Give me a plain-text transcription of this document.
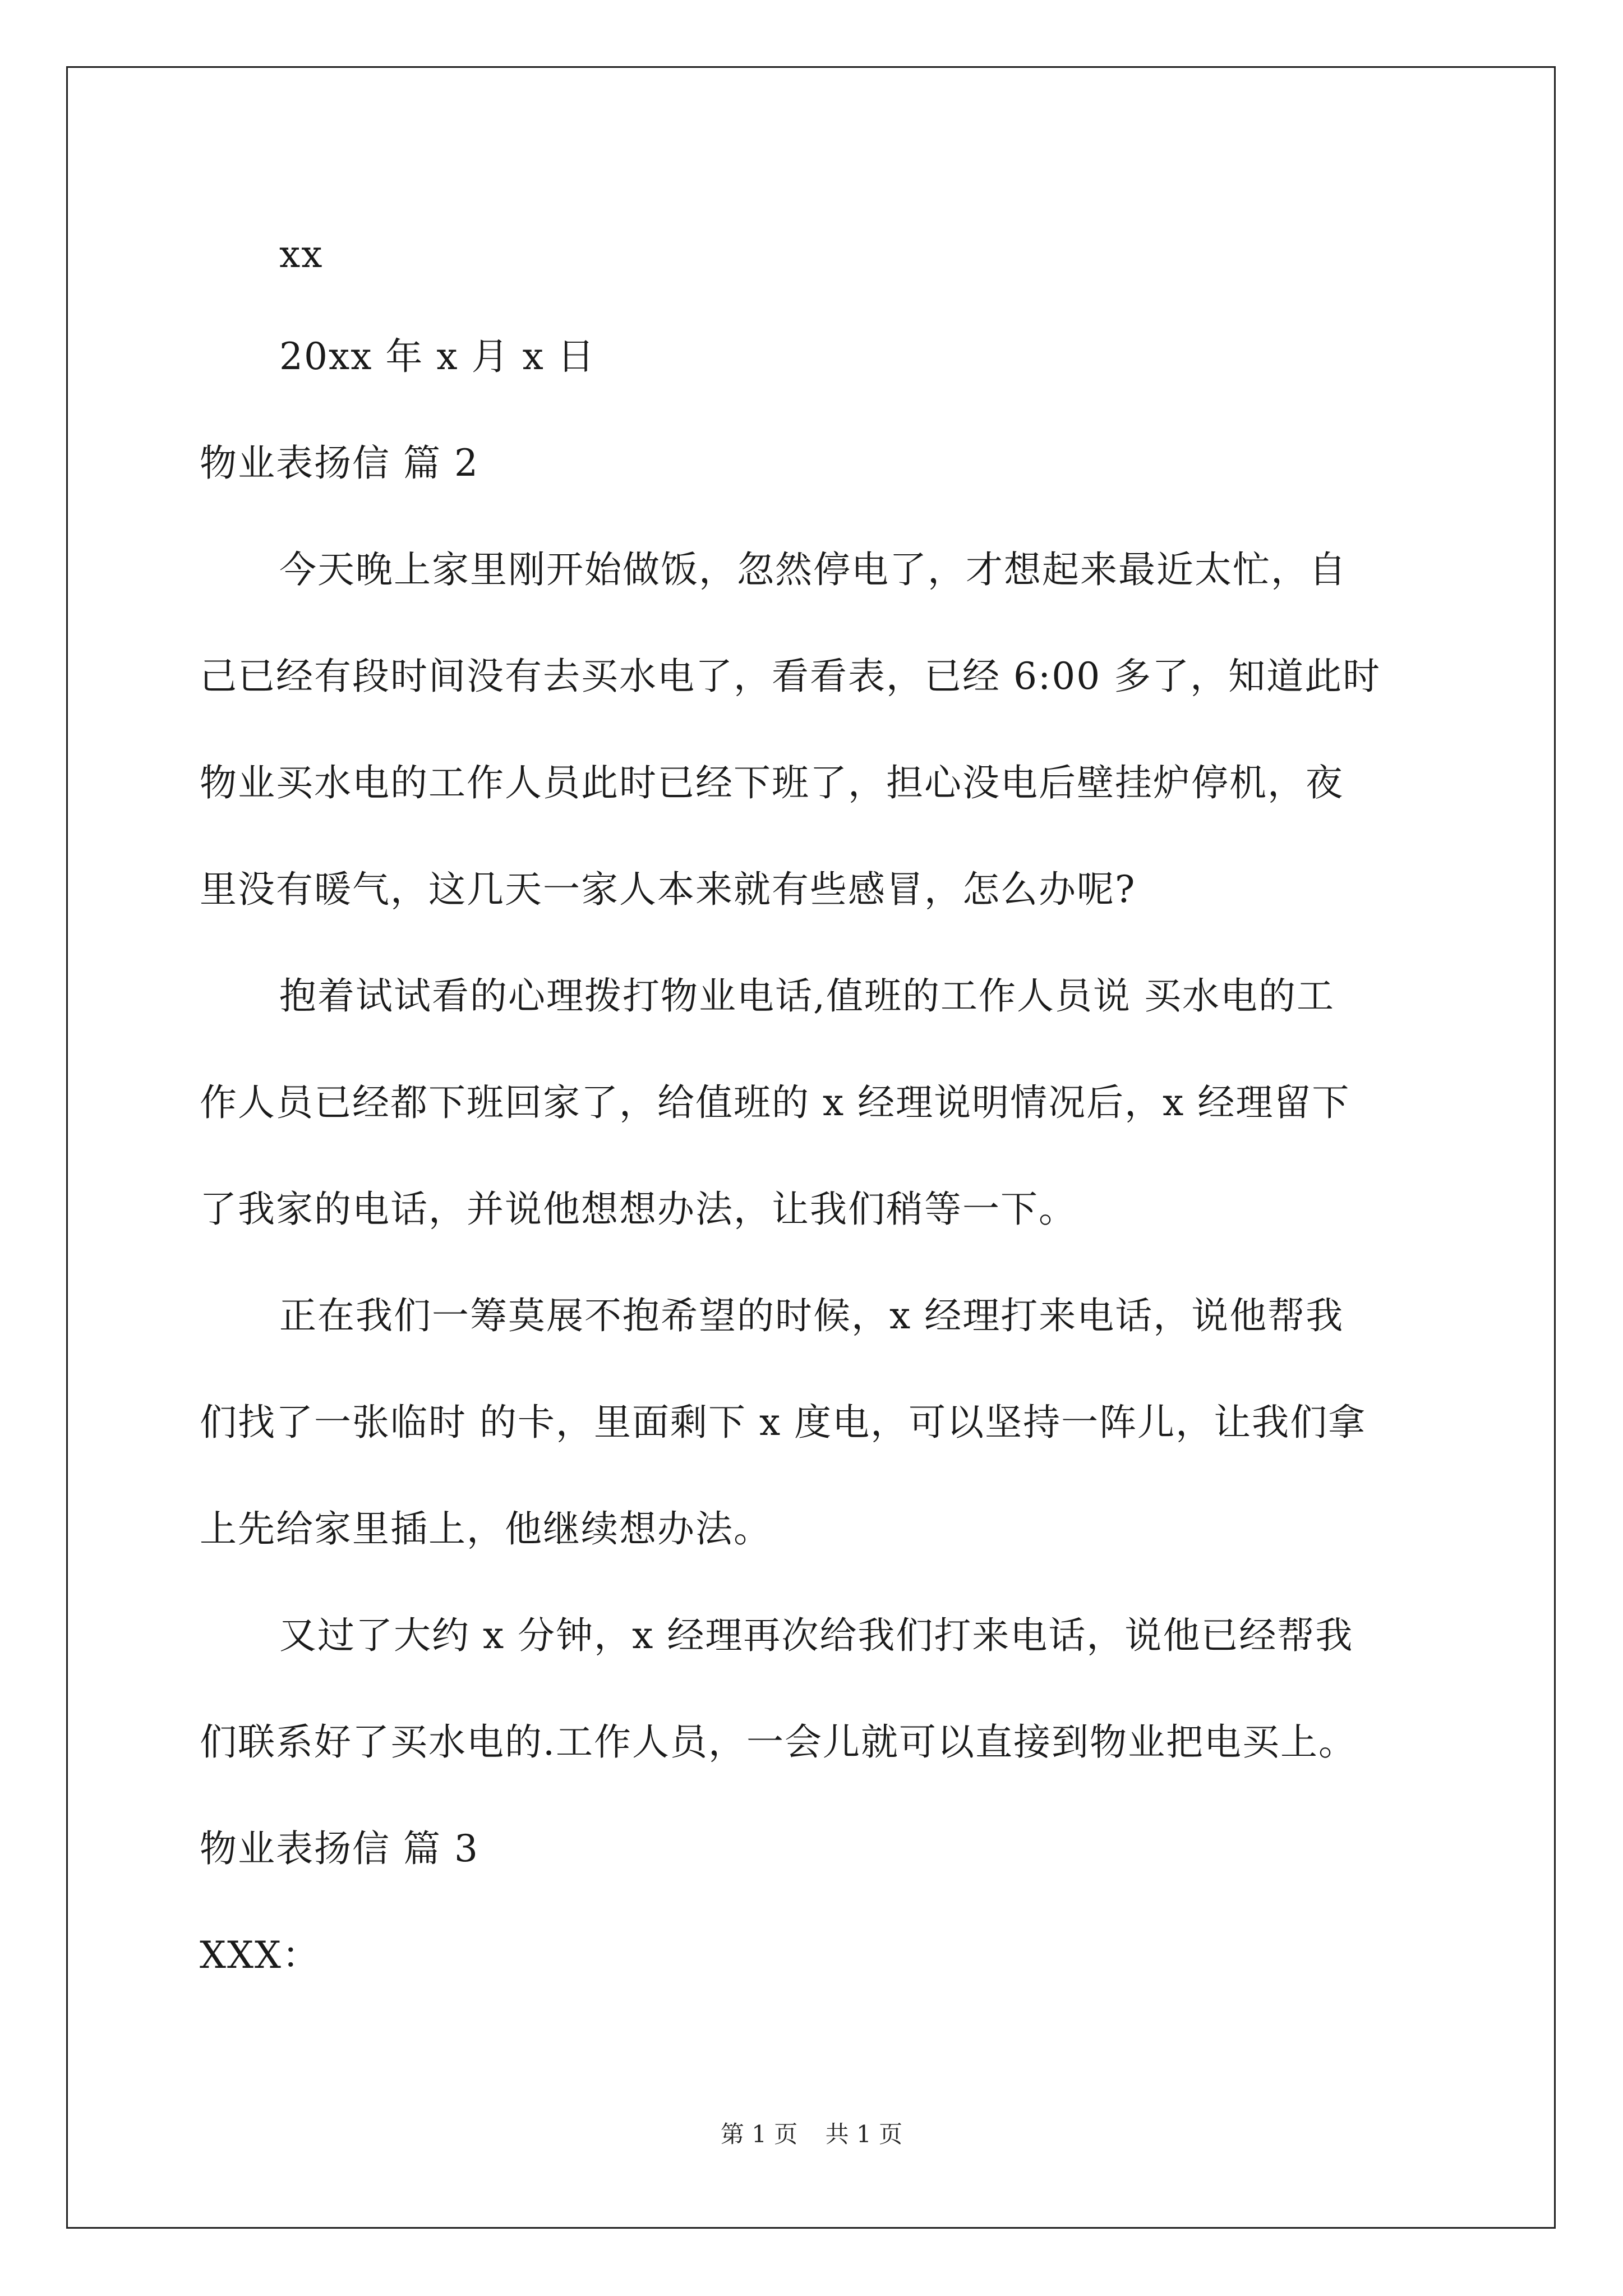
xx
20xx 年 x 月 x 日
物业表扬信 篇 2
今天晚上家里刚开始做饭，忽然停电了，才想起来最近太忙，自
己已经有段时间没有去买水电了，看看表，已经 6:00 多了，知道此时
物业买水电的工作人员此时已经下班了，担心没电后壁挂炉停机，夜
里没有暖气，这几天一家人本来就有些感冒，怎么办呢?
抱着试试看的心理拨打物业电话,值班的工作人员说 买水电的工
作人员已经都下班回家了，给值班的 x 经理说明情况后，x 经理留下
了我家的电话，并说他想想办法，让我们稍等一下。
正在我们一筹莫展不抱希望的时候，x 经理打来电话，说他帮我
们找了一张临时 的卡，里面剩下 x 度电，可以坚持一阵儿，让我们拿
上先给家里插上，他继续想办法。
又过了大约 x 分钟，x 经理再次给我们打来电话，说他已经帮我
们联系好了买水电的.工作人员，一会儿就可以直接到物业把电买上。
物业表扬信 篇 3
XXX：
第 1 页 共 1 页
